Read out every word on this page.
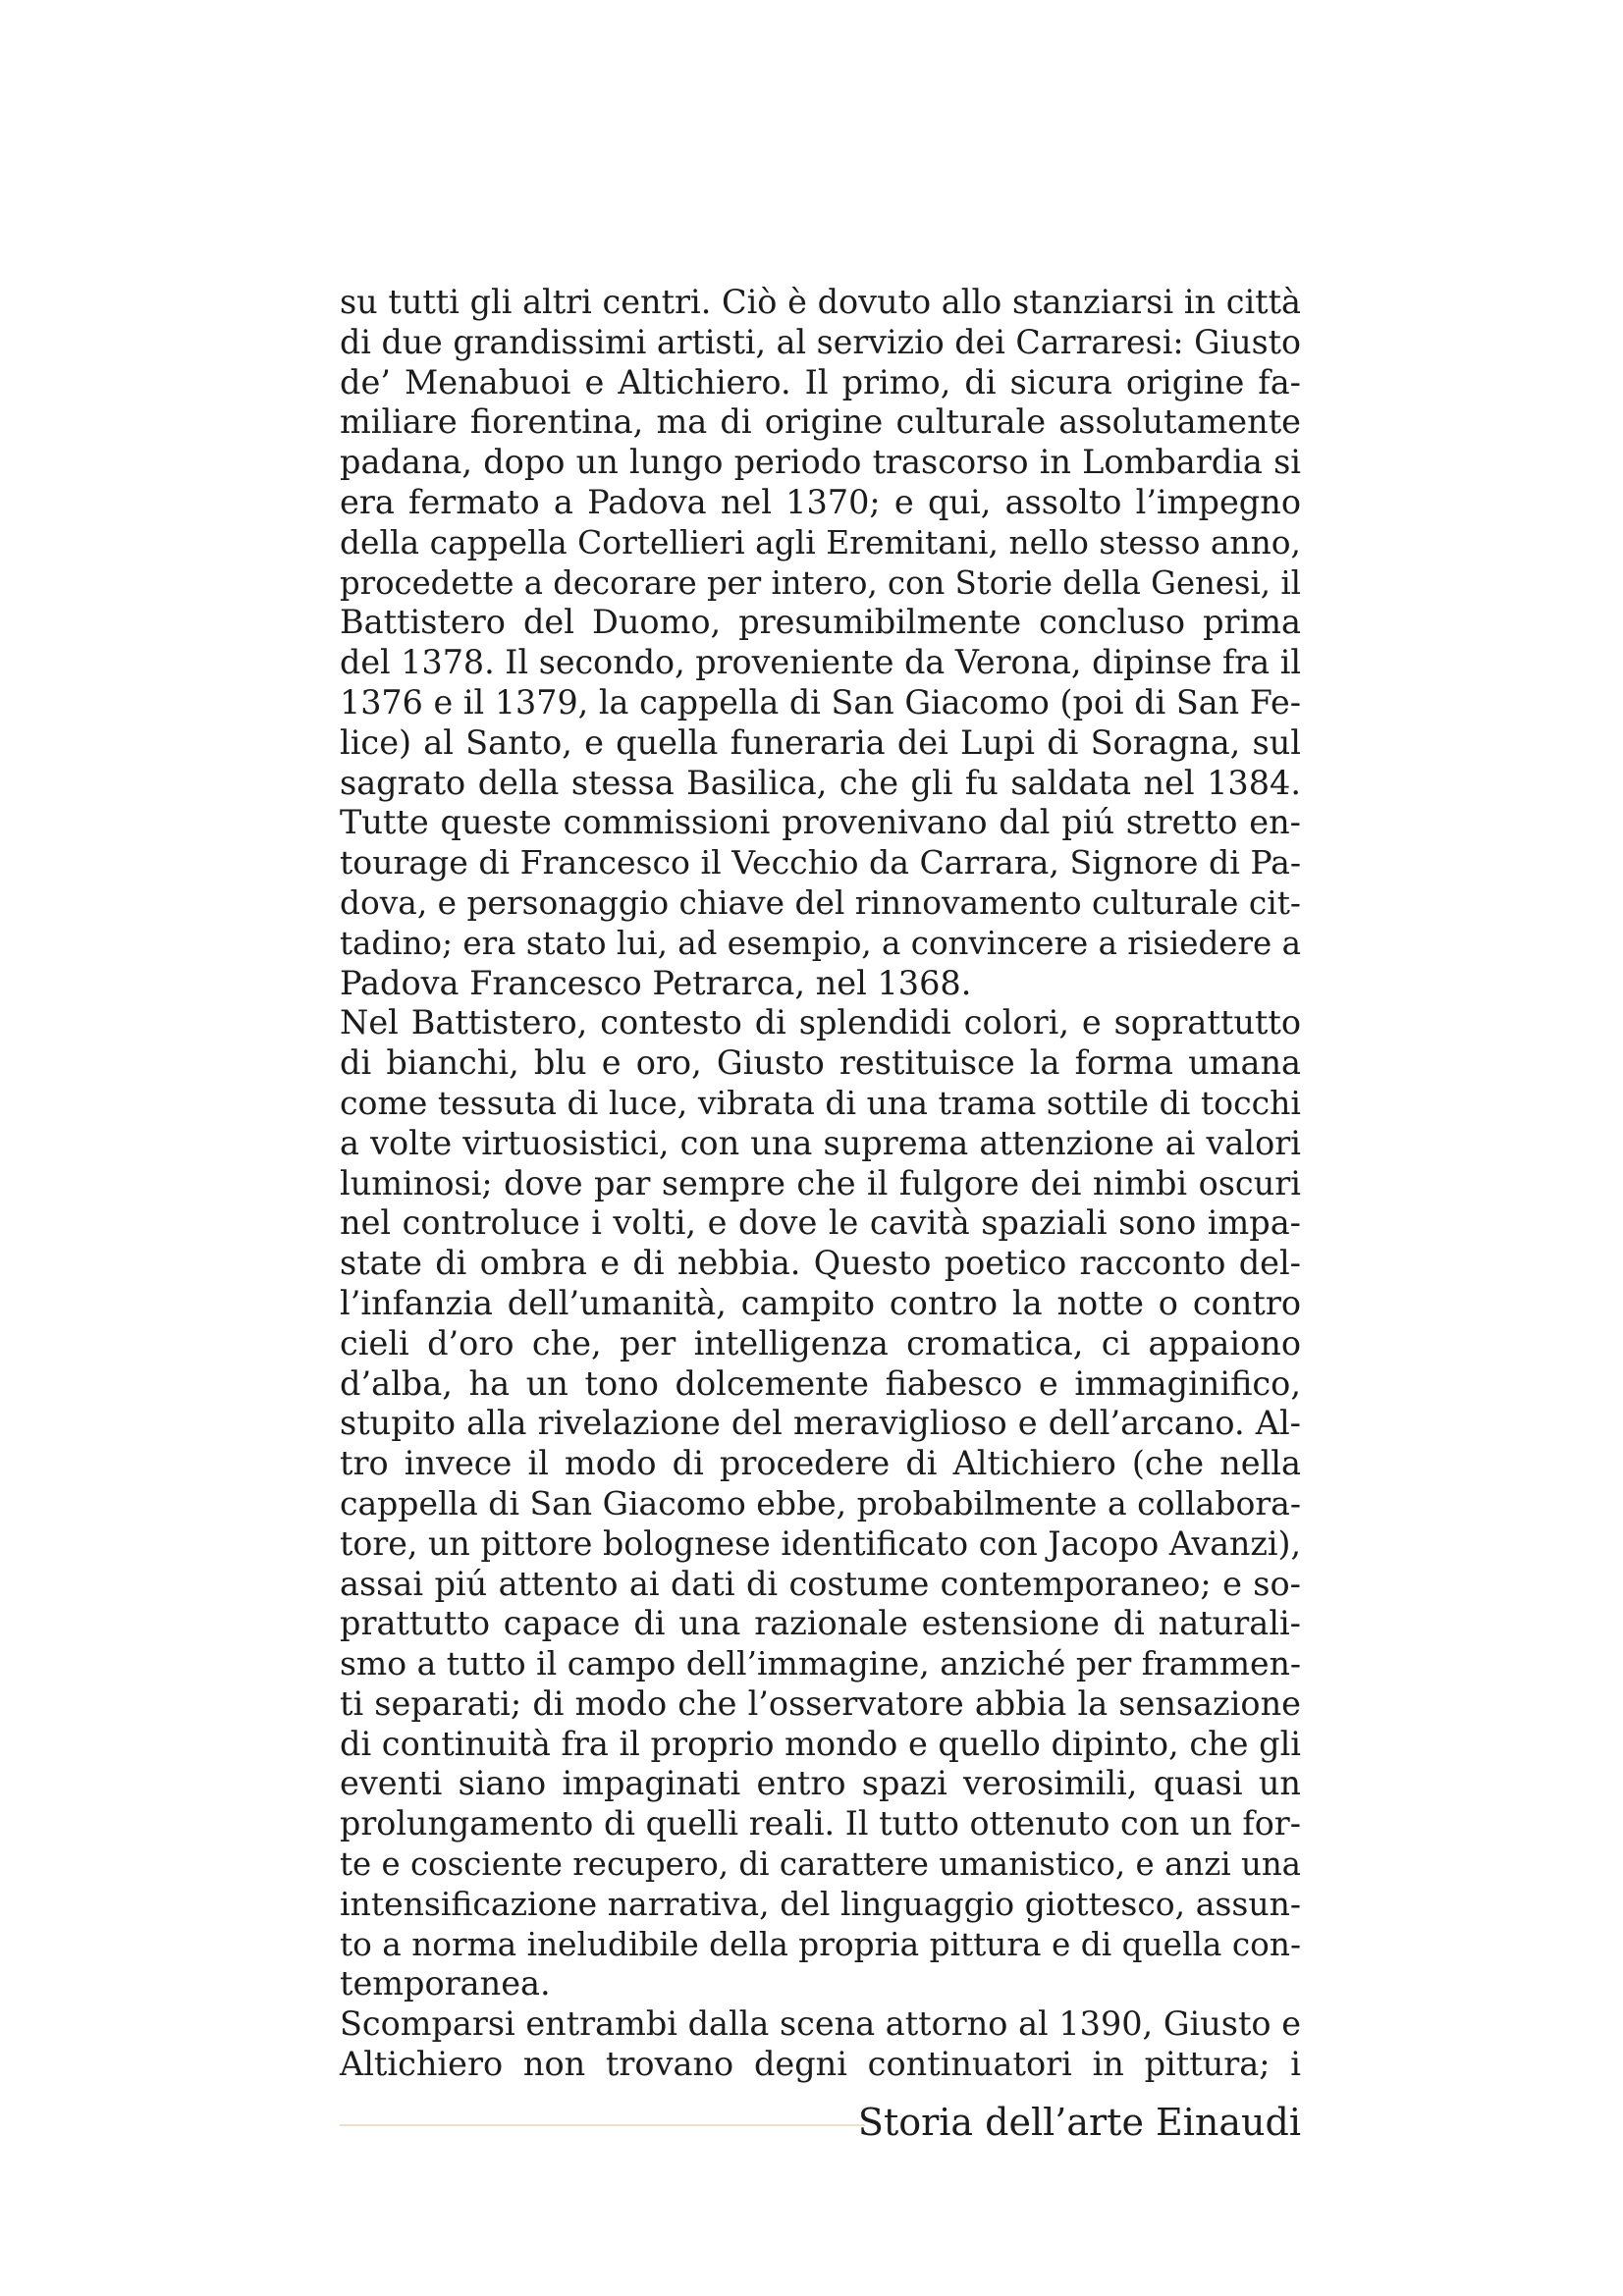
su tutti gli altri centri. Ciò è dovuto allo stanziarsi in città
di due grandissimi artisti, al servizio dei Carraresi: Giusto
de’ Menabuoi e Altichiero. Il primo, di sicura origine fa-
miliare fiorentina, ma di origine culturale assolutamente
padana, dopo un lungo periodo trascorso in Lombardia si
era fermato a Padova nel 1370; e qui, assolto l’impegno
della cappella Cortellieri agli Eremitani, nello stesso anno,
procedette a decorare per intero, con Storie della Genesi, il
Battistero del Duomo, presumibilmente concluso prima
del 1378. Il secondo, proveniente da Verona, dipinse fra il
1376 e il 1379, la cappella di San Giacomo (poi di San Fe-
lice) al Santo, e quella funeraria dei Lupi di Soragna, sul
sagrato della stessa Basilica, che gli fu saldata nel 1384.
Tutte queste commissioni provenivano dal piú stretto en-
tourage di Francesco il Vecchio da Carrara, Signore di Pa-
dova, e personaggio chiave del rinnovamento culturale cit-
tadino; era stato lui, ad esempio, a convincere a risiedere a
Padova Francesco Petrarca, nel 1368.
Nel Battistero, contesto di splendidi colori, e soprattutto
di bianchi, blu e oro, Giusto restituisce la forma umana
come tessuta di luce, vibrata di una trama sottile di tocchi
a volte virtuosistici, con una suprema attenzione ai valori
luminosi; dove par sempre che il fulgore dei nimbi oscuri
nel controluce i volti, e dove le cavità spaziali sono impa-
state di ombra e di nebbia. Questo poetico racconto del-
l’infanzia dell’umanità, campito contro la notte o contro
cieli d’oro che, per intelligenza cromatica, ci appaiono
d’alba, ha un tono dolcemente fiabesco e immaginifico,
stupito alla rivelazione del meraviglioso e dell’arcano. Al-
tro invece il modo di procedere di Altichiero (che nella
cappella di San Giacomo ebbe, probabilmente a collabora-
tore, un pittore bolognese identificato con Jacopo Avanzi),
assai piú attento ai dati di costume contemporaneo; e so-
prattutto capace di una razionale estensione di naturali-
smo a tutto il campo dell’immagine, anziché per frammen-
ti separati; di modo che l’osservatore abbia la sensazione
di continuità fra il proprio mondo e quello dipinto, che gli
eventi siano impaginati entro spazi verosimili, quasi un
prolungamento di quelli reali. Il tutto ottenuto con un for-
te e cosciente recupero, di carattere umanistico, e anzi una
intensificazione narrativa, del linguaggio giottesco, assun-
to a norma ineludibile della propria pittura e di quella con-
temporanea.
Scomparsi entrambi dalla scena attorno al 1390, Giusto e
Altichiero non trovano degni continuatori in pittura; i
Storia dell’arte Einaudi
